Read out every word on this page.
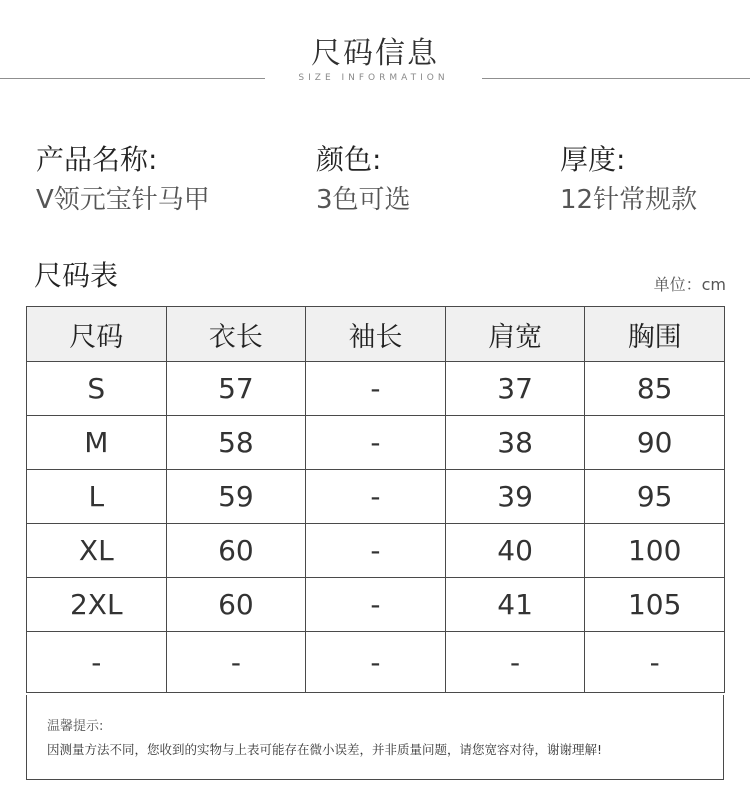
尺码信息
SIZE INFORMATION
产品名称:
V领元宝针马甲
颜色:
3色可选
厚度:
12针常规款
尺码表	单位：cm
尺码	衣长	袖长	肩宽	胸围
S	57	-	37	85
M	58	-	38	90
L	59	-	39	95
XL	60	-	40	100
2XL	60	-	41	105
-	-	-	-	-
温馨提示:
因测量方法不同，您收到的实物与上表可能存在微小误差，并非质量问题，请您宽容对待，谢谢理解!
